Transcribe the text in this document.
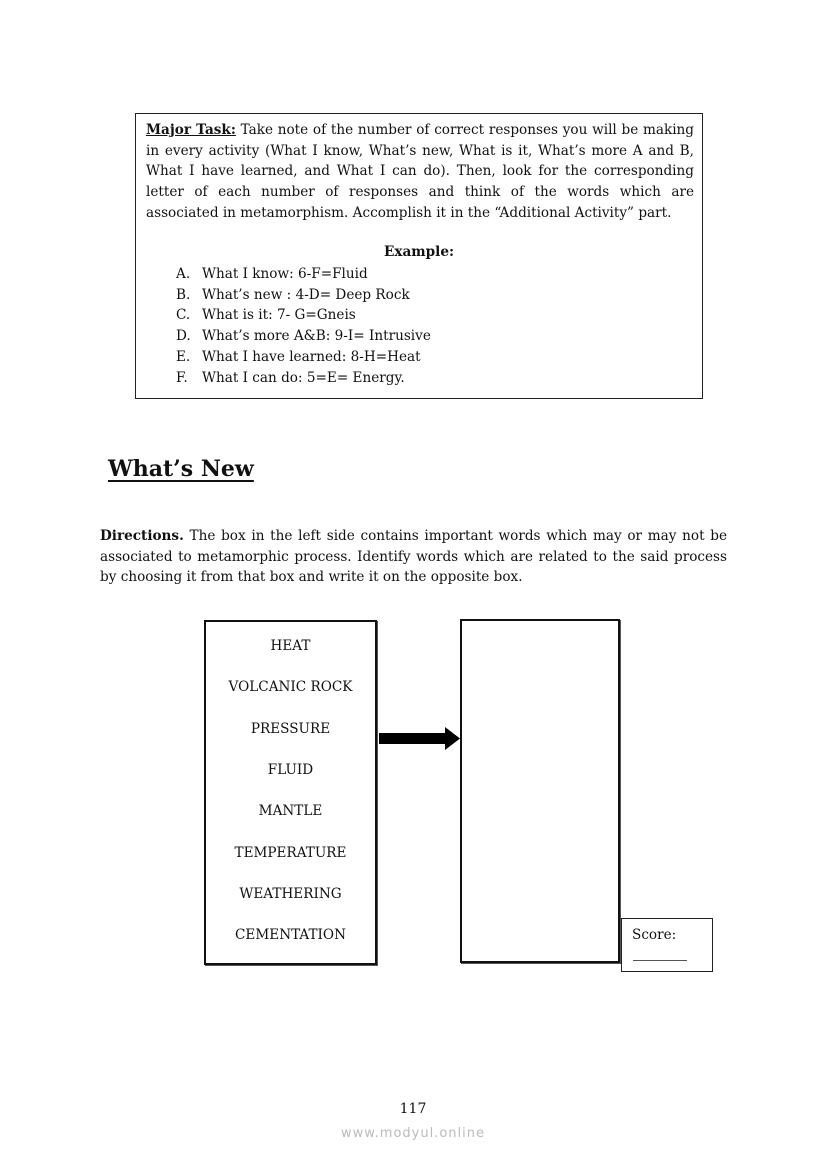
Major Task: Take note of the number of correct responses you will be making in every activity (What I know, What’s new, What is it, What’s more A and B, What I have learned, and What I can do). Then, look for the corresponding letter of each number of responses and think of the words which are associated in metamorphism. Accomplish it in the “Additional Activity” part.
Example:
A. What I know: 6-F=Fluid
B. What’s new : 4-D= Deep Rock
C. What is it: 7- G=Gneis
D. What’s more A&B: 9-I= Intrusive
E. What I have learned: 8-H=Heat
F. What I can do: 5=E= Energy.
What’s New
Directions. The box in the left side contains important words which may or may not be associated to metamorphic process. Identify words which are related to the said process by choosing it from that box and write it on the opposite box.
HEAT
VOLCANIC ROCK
PRESSURE
FLUID
MANTLE
TEMPERATURE
WEATHERING
CEMENTATION	Score:
117
www.modyul.online
